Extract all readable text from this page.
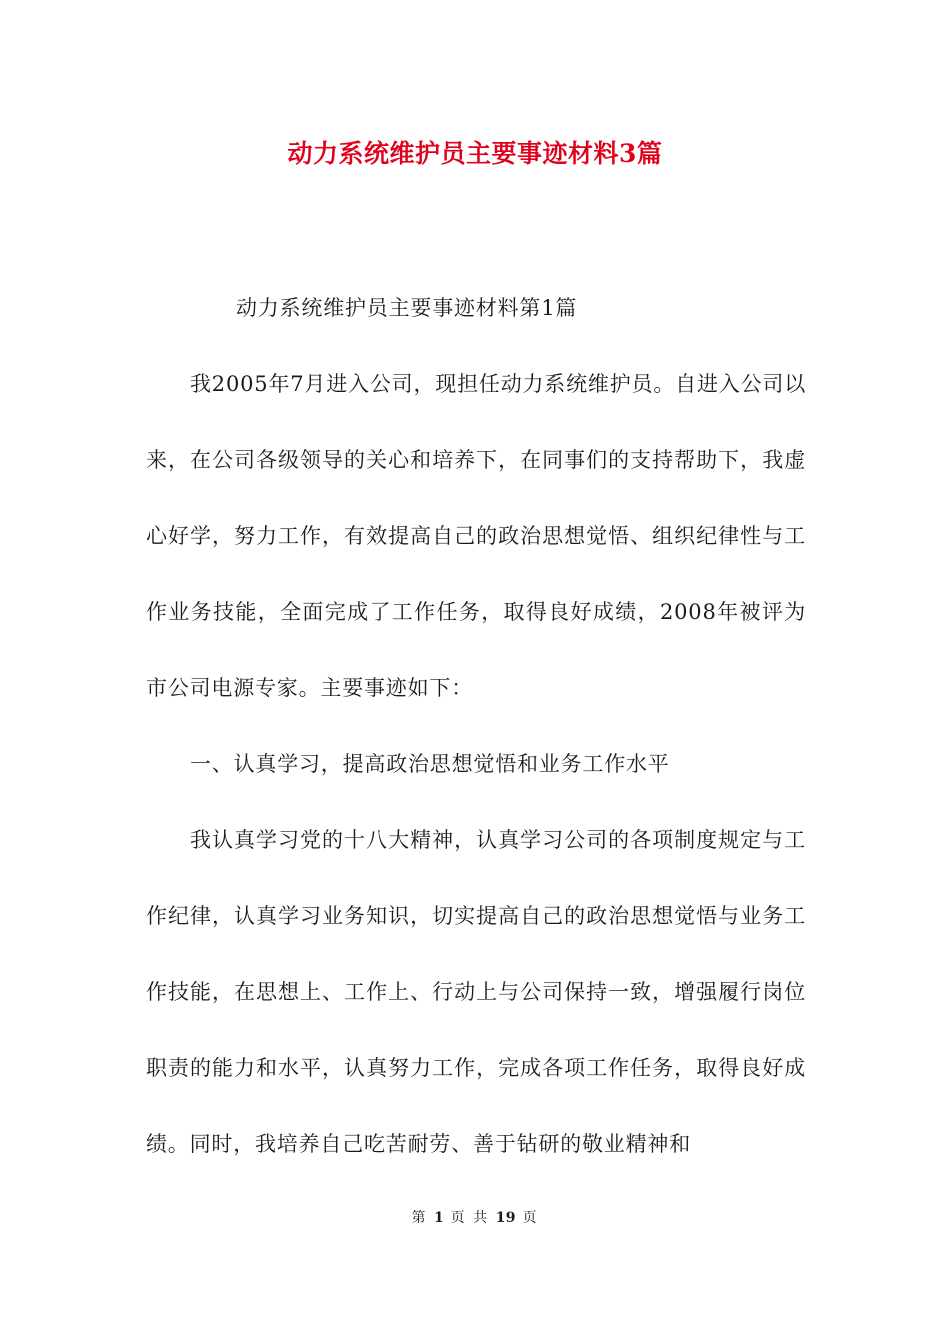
动力系统维护员主要事迹材料3篇

动力系统维护员主要事迹材料第1篇

我2005年7月进入公司，现担任动力系统维护员。自进入公司以来，在公司各级领导的关心和培养下，在同事们的支持帮助下，我虚心好学，努力工作，有效提高自己的政治思想觉悟、组织纪律性与工作业务技能，全面完成了工作任务，取得良好成绩，2008年被评为市公司电源专家。主要事迹如下：

一、认真学习，提高政治思想觉悟和业务工作水平

我认真学习党的十八大精神，认真学习公司的各项制度规定与工作纪律，认真学习业务知识，切实提高自己的政治思想觉悟与业务工作技能，在思想上、工作上、行动上与公司保持一致，增强履行岗位职责的能力和水平，认真努力工作，完成各项工作任务，取得良好成绩。同时，我培养自己吃苦耐劳、善于钻研的敬业精神和

第 1 页 共 19 页
